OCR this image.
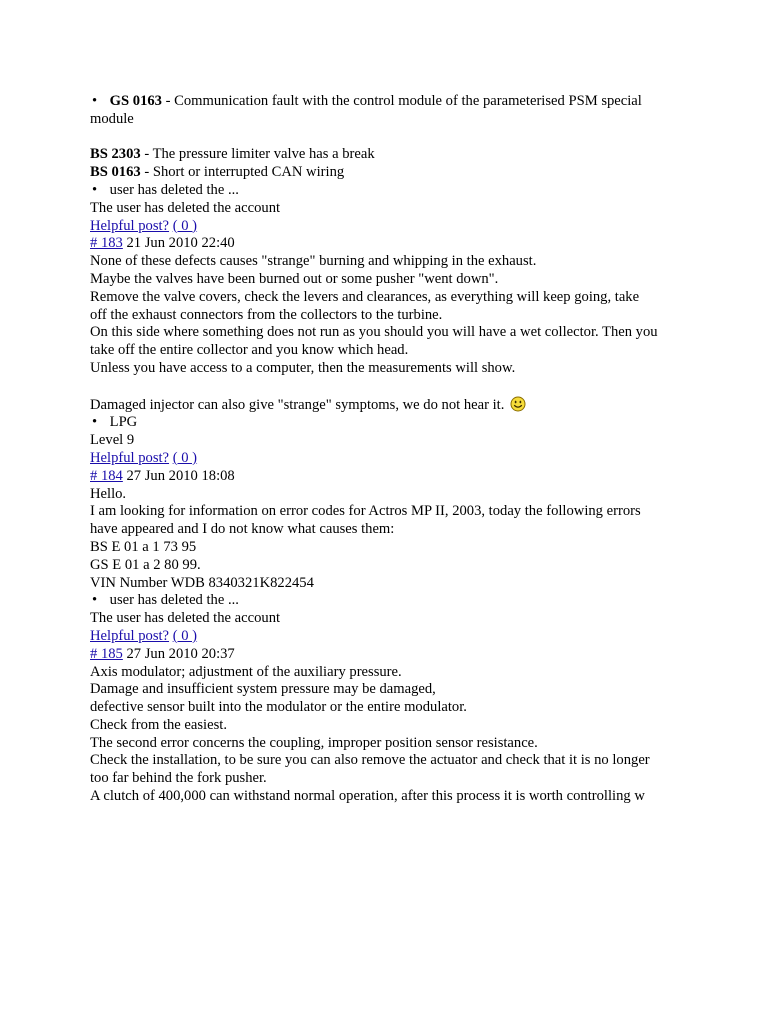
• GS 0163 - Communication fault with the control module of the parameterised PSM special
module
BS 2303 - The pressure limiter valve has a break
BS 0163 - Short or interrupted CAN wiring
• user has deleted the ...
The user has deleted the account
Helpful post? ( 0 )
# 183 21 Jun 2010 22:40
None of these defects causes "strange" burning and whipping in the exhaust.
Maybe the valves have been burned out or some pusher "went down".
Remove the valve covers, check the levers and clearances, as everything will keep going, take
off the exhaust connectors from the collectors to the turbine.
On this side where something does not run as you should you will have a wet collector. Then you
take off the entire collector and you know which head.
Unless you have access to a computer, then the measurements will show.
Damaged injector can also give "strange" symptoms, we do not hear it.
• LPG
Level 9
Helpful post? ( 0 )
# 184 27 Jun 2010 18:08
Hello.
I am looking for information on error codes for Actros MP II, 2003, today the following errors
have appeared and I do not know what causes them:
BS E 01 a 1 73 95
GS E 01 a 2 80 99.
VIN Number WDB 8340321K822454
• user has deleted the ...
The user has deleted the account
Helpful post? ( 0 )
# 185 27 Jun 2010 20:37
Axis modulator; adjustment of the auxiliary pressure.
Damage and insufficient system pressure may be damaged,
defective sensor built into the modulator or the entire modulator.
Check from the easiest.
The second error concerns the coupling, improper position sensor resistance.
Check the installation, to be sure you can also remove the actuator and check that it is no longer
too far behind the fork pusher.
A clutch of 400,000 can withstand normal operation, after this process it is worth controlling w
